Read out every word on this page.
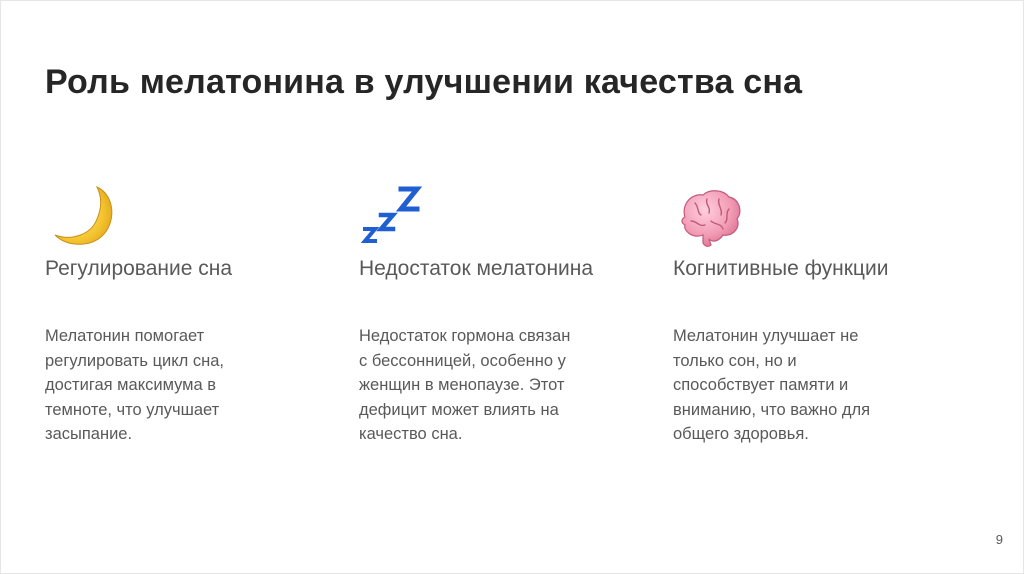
Роль мелатонина в улучшении качества сна
Регулирование сна

Мелатонин помогает
регулировать цикл сна,
достигая максимума в
темноте, что улучшает
засыпание.

Недостаток мелатонина

Недостаток гормона связан
с бессонницей, особенно у
женщин в менопаузе. Этот
дефицит может влиять на
качество сна.

Когнитивные функции

Мелатонин улучшает не
только сон, но и
способствует памяти и
вниманию, что важно для
общего здоровья.

9
